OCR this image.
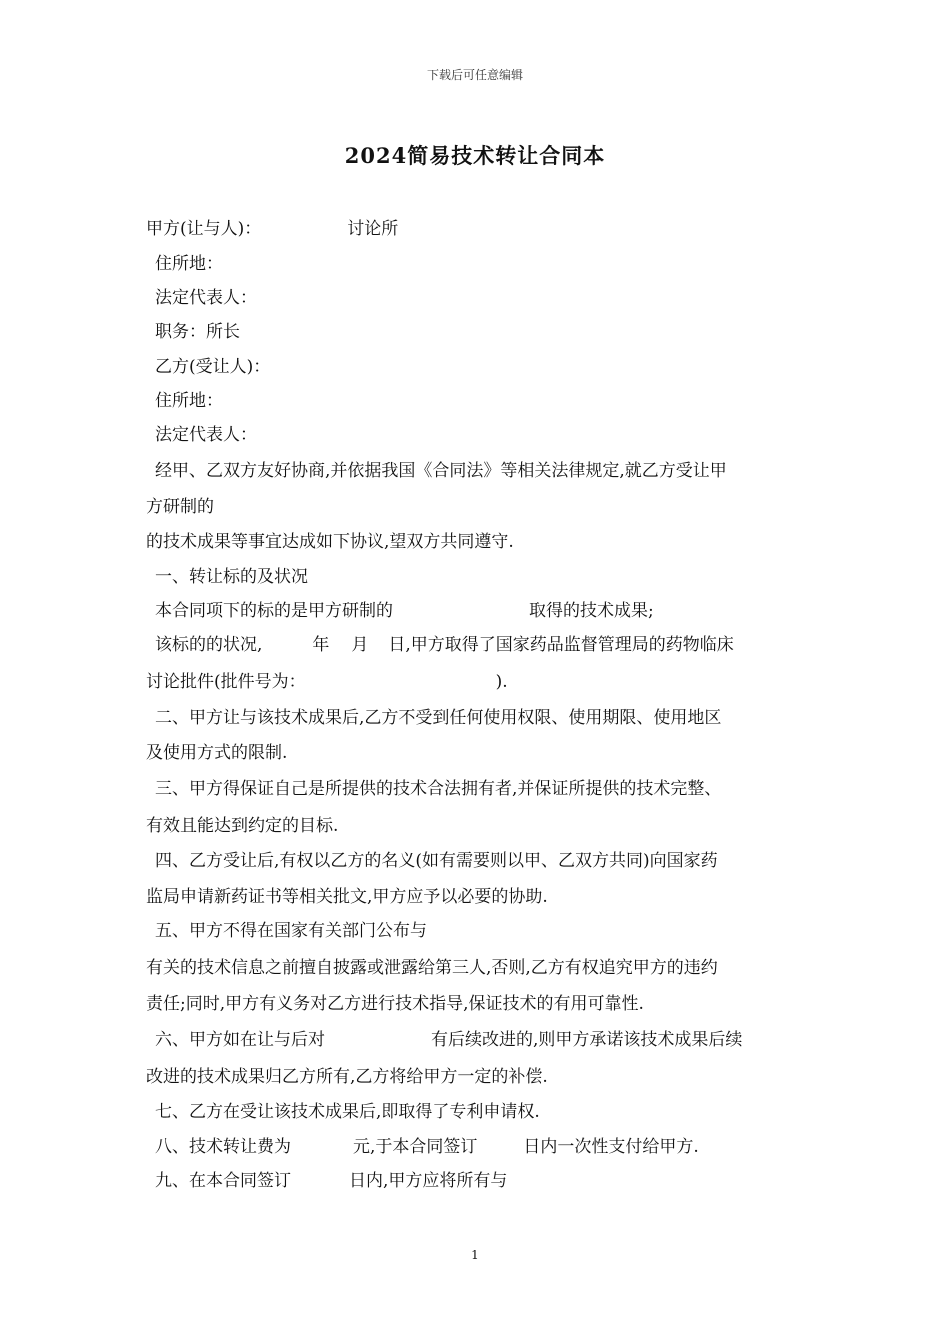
下载后可任意编辑
2024简易技术转让合同本
甲方(让与人)：	讨论所
住所地：
法定代表人：
职务：所长
乙方(受让人)：
住所地：
法定代表人：
经甲、乙双方友好协商,并依据我国《合同法》等相关法律规定,就乙方受让甲
方研制的
的技术成果等事宜达成如下协议,望双方共同遵守.
一、转让标的及状况
本合同项下的标的是甲方研制的	取得的技术成果;
该标的的状况,	年 月 日,甲方取得了国家药品监督管理局的药物临床
讨论批件(批件号为：	).
二、甲方让与该技术成果后,乙方不受到任何使用权限、使用期限、使用地区
及使用方式的限制.
三、甲方得保证自己是所提供的技术合法拥有者,并保证所提供的技术完整、
有效且能达到约定的目标.
四、乙方受让后,有权以乙方的名义(如有需要则以甲、乙双方共同)向国家药
监局申请新药证书等相关批文,甲方应予以必要的协助.
五、甲方不得在国家有关部门公布与
有关的技术信息之前擅自披露或泄露给第三人,否则,乙方有权追究甲方的违约
责任;同时,甲方有义务对乙方进行技术指导,保证技术的有用可靠性.
六、甲方如在让与后对	有后续改进的,则甲方承诺该技术成果后续
改进的技术成果归乙方所有,乙方将给甲方一定的补偿.
七、乙方在受让该技术成果后,即取得了专利申请权.
八、技术转让费为	元,于本合同签订	日内一次性支付给甲方.
九、在本合同签订	日内,甲方应将所有与
1
